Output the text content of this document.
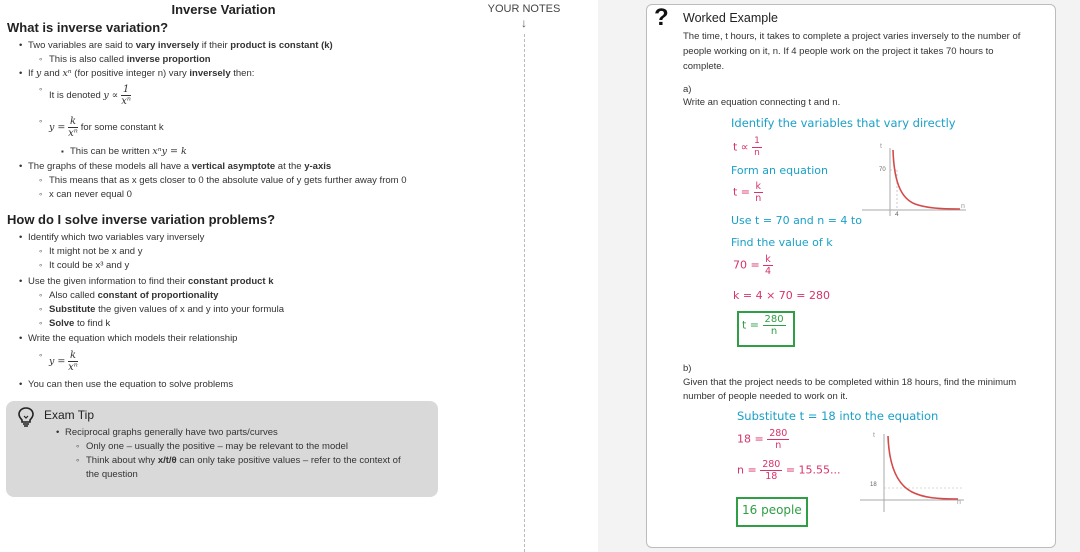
Inverse Variation
What is inverse variation?
• Two variables are said to vary inversely if their product is constant (k)
◦ This is also called inverse proportion
• If y and xⁿ (for positive integer n) vary inversely then:
◦ It is denoted $y \propto \frac{1}{\text{xⁿ}}$
◦ $y = \frac{k}{\text{xⁿ}}$ for some constant k
▪ This can be written xⁿy = k
• The graphs of these models all have a vertical asymptote at the y-axis
◦ This means that as x gets closer to 0 the absolute value of y gets further away from 0
◦ x can never equal 0
How do I solve inverse variation problems?
• Identify which two variables vary inversely
◦ It might not be x and y
◦ It could be x³ and y
• Use the given information to find their constant product k
◦ Also called constant of proportionality
◦ Substitute the given values of x and y into your formula
◦ Solve to find k
• Write the equation which models their relationship
◦ $y = \frac{k}{\text{xⁿ}}$
• You can then use the equation to solve problems
Exam Tip
• Reciprocal graphs generally have two parts/curves
◦ Only one – usually the positive – may be relevant to the model
◦ Think about why x/t/θ can only take positive values – refer to the context of
the question
YOUR NOTES
↓	? Worked Example
The time, t hours, it takes to complete a project varies inversely to the number of
people working on it, n. If 4 people work on the project it takes 70 hours to
complete.
a)
Write an equation connecting t and n.
Identify the variables that vary directly
$t \propto \frac{1}{n}$
Form an equation
$t = \frac{k}{n}$
Use t = 70 and n = 4 to
Find the value of k
$70 = \frac{k}{4}$
k = 4 × 70 = 280
$t = \frac{280}{n}$
t
70
4
n
b)
Given that the project needs to be completed within 18 hours, find the minimum
number of people needed to work on it.
Substitute t = 18 into the equation
$18 = \frac{280}{n}$
$n = \frac{280}{18} = 15.55$...
16 people
t
18
n
